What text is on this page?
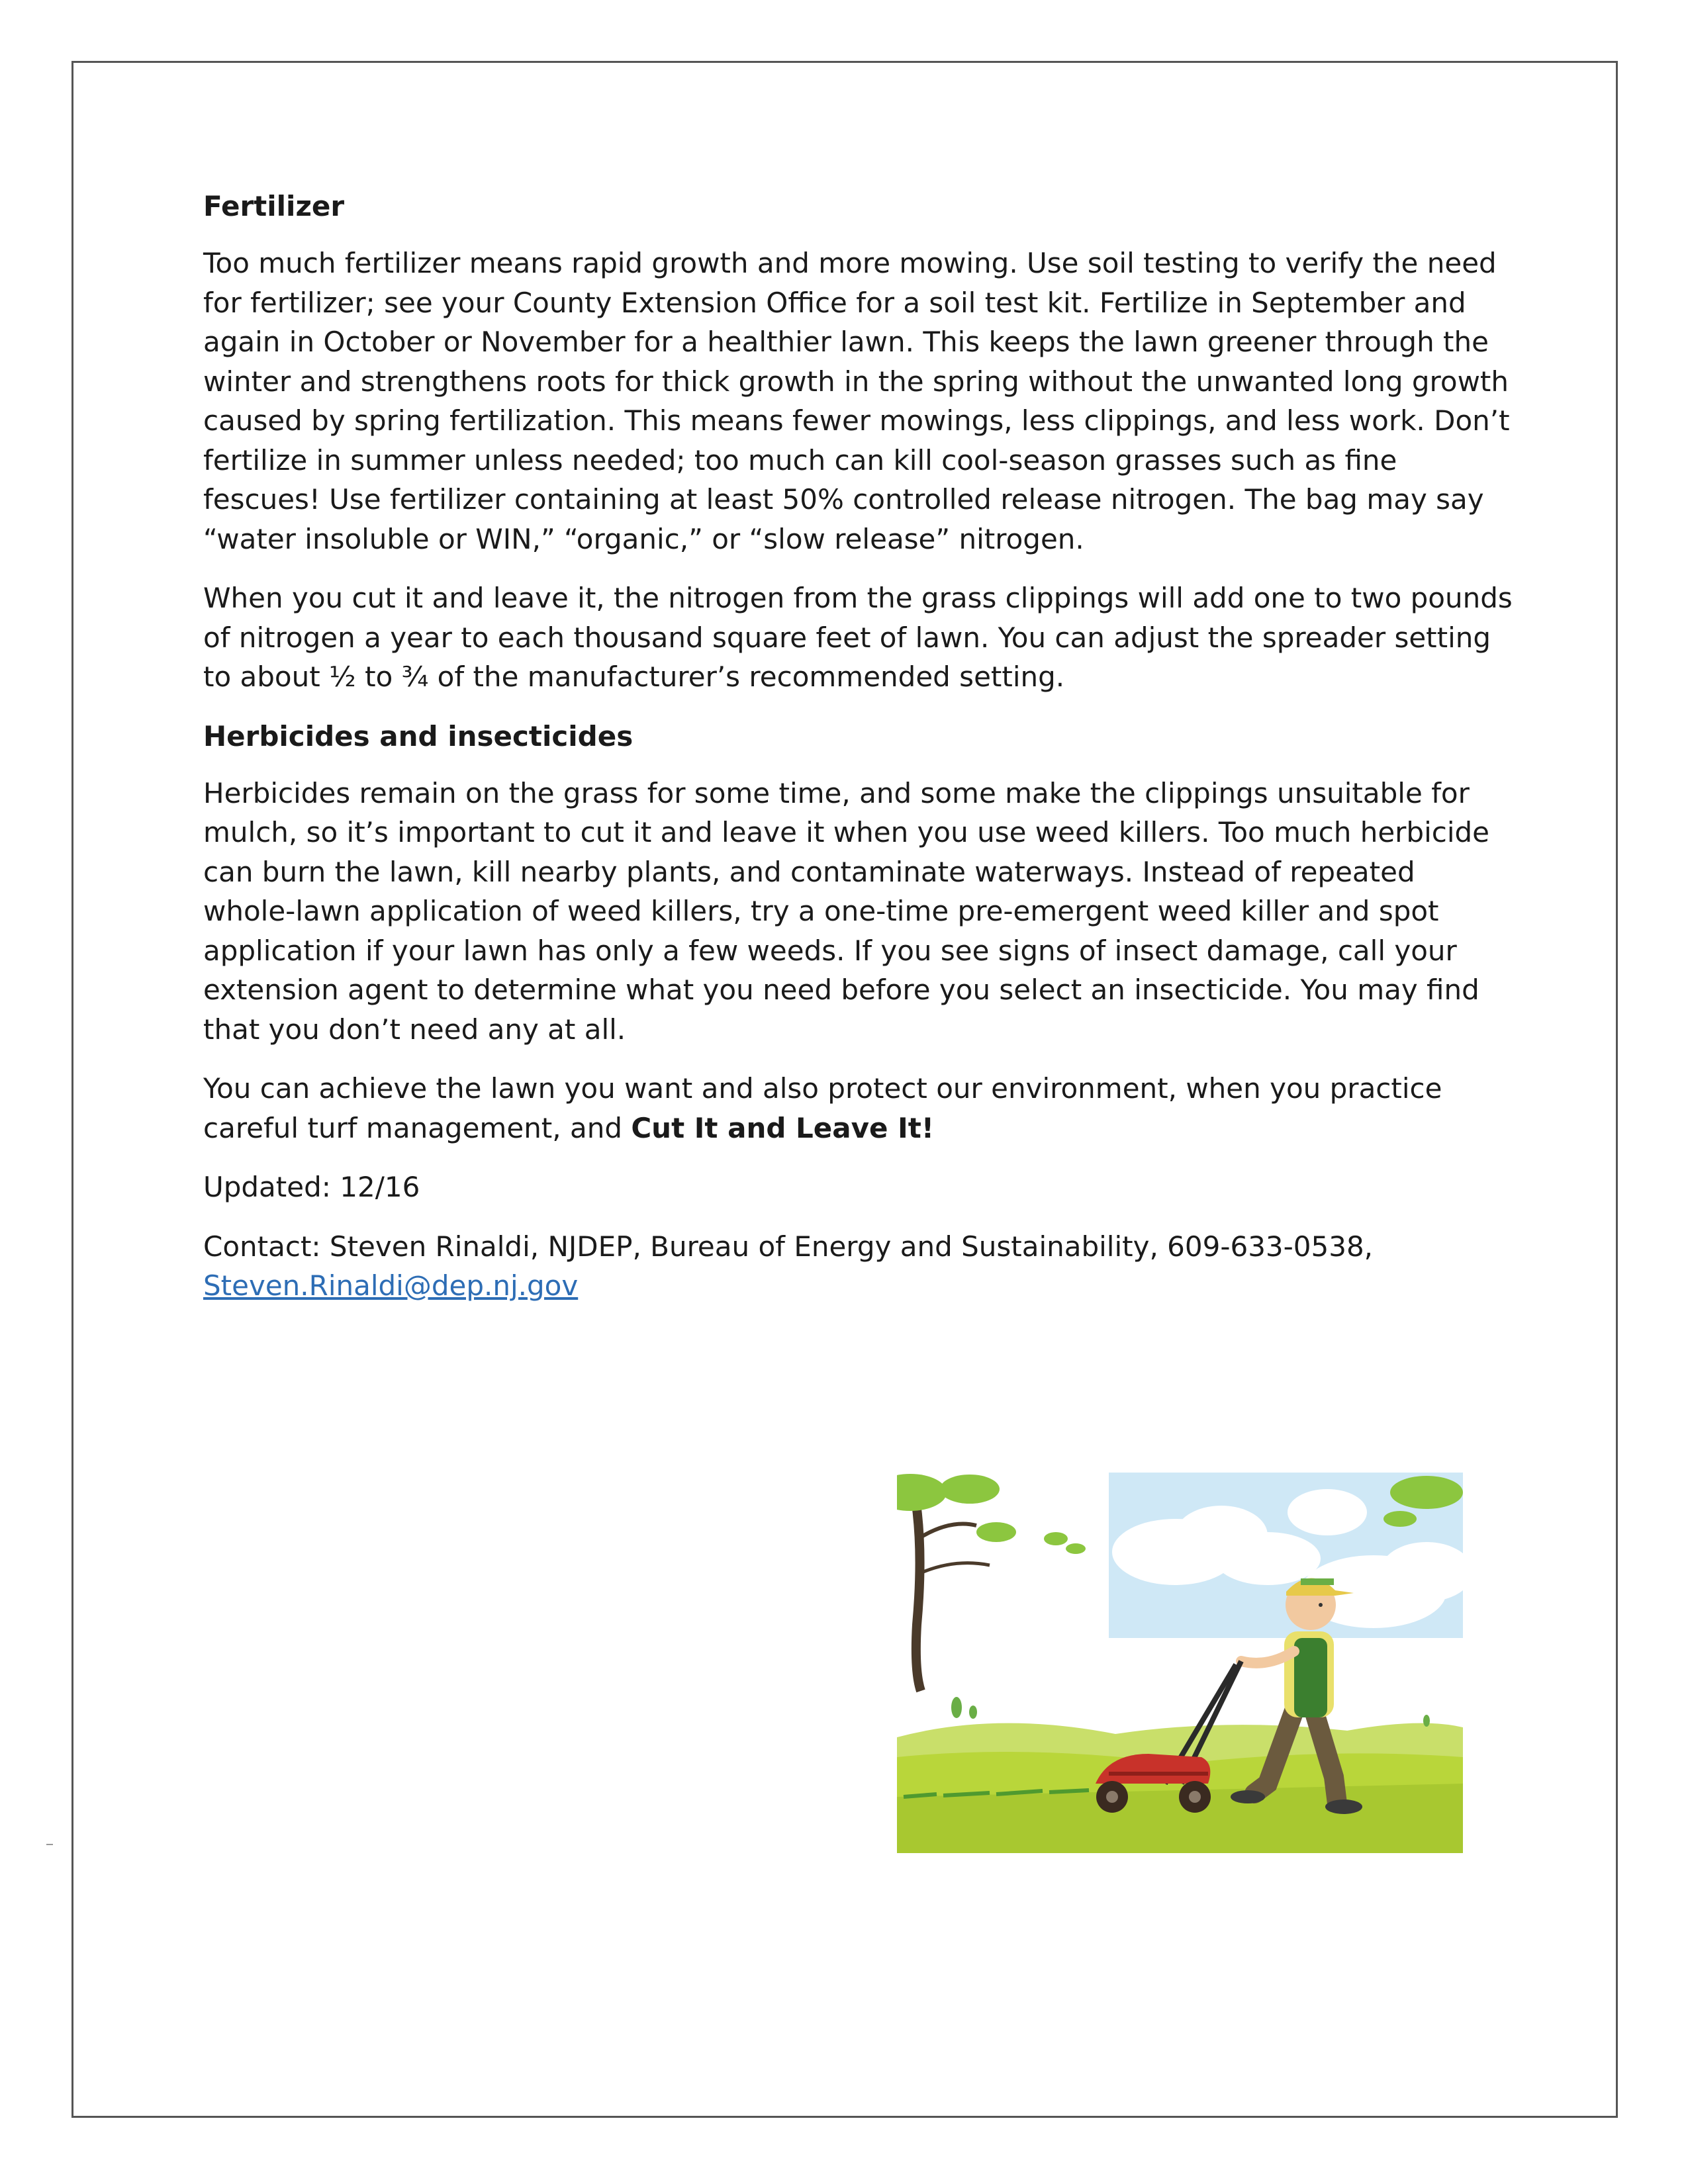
Fertilizer

Too much fertilizer means rapid growth and more mowing. Use soil testing to verify the need for fertilizer; see your County Extension Office for a soil test kit. Fertilize in September and again in October or November for a healthier lawn. This keeps the lawn greener through the winter and strengthens roots for thick growth in the spring without the unwanted long growth caused by spring fertilization. This means fewer mowings, less clippings, and less work. Don’t fertilize in summer unless needed; too much can kill cool-season grasses such as fine fescues! Use fertilizer containing at least 50% controlled release nitrogen. The bag may say “water insoluble or WIN,” “organic,” or “slow release” nitrogen.

When you cut it and leave it, the nitrogen from the grass clippings will add one to two pounds of nitrogen a year to each thousand square feet of lawn. You can adjust the spreader setting to about ½ to ¾ of the manufacturer’s recommended setting.

Herbicides and insecticides

Herbicides remain on the grass for some time, and some make the clippings unsuitable for mulch, so it’s important to cut it and leave it when you use weed killers. Too much herbicide can burn the lawn, kill nearby plants, and contaminate waterways. Instead of repeated whole-lawn application of weed killers, try a one-time pre-emergent weed killer and spot application if your lawn has only a few weeds. If you see signs of insect damage, call your extension agent to determine what you need before you select an insecticide. You may find that you don’t need any at all.

You can achieve the lawn you want and also protect our environment, when you practice careful turf management, and Cut It and Leave It!

Updated: 12/16

Contact: Steven Rinaldi, NJDEP, Bureau of Energy and Sustainability, 609-633-0538,
Steven.Rinaldi@dep.nj.gov
